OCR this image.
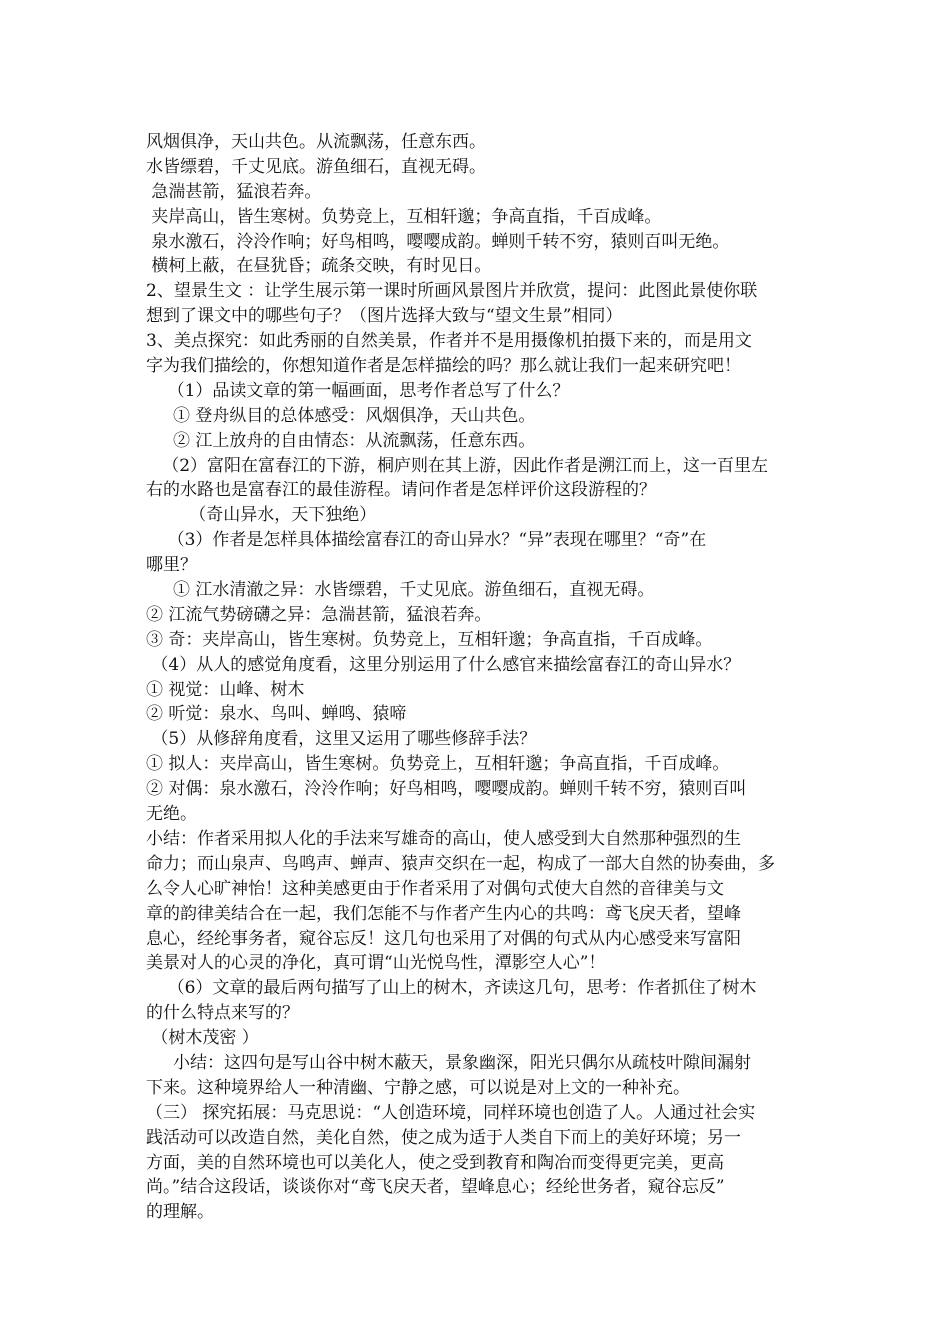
风烟俱净，天山共色。从流飘荡，任意东西。
水皆缥碧，千丈见底。游鱼细石，直视无碍。
急湍甚箭，猛浪若奔。
夹岸高山，皆生寒树。负势竞上，互相轩邈；争高直指，千百成峰。
泉水激石，泠泠作响；好鸟相鸣，嘤嘤成韵。蝉则千转不穷，猿则百叫无绝。
横柯上蔽，在昼犹昏；疏条交映，有时见日。
2、望景生文 ：让学生展示第一课时所画风景图片并欣赏，提问：此图此景使你联
想到了课文中的哪些句子？（图片选择大致与“望文生景”相同）
3、美点探究：如此秀丽的自然美景，作者并不是用摄像机拍摄下来的，而是用文
字为我们描绘的，你想知道作者是怎样描绘的吗？那么就让我们一起来研究吧！
（1）品读文章的第一幅画面，思考作者总写了什么？
① 登舟纵目的总体感受：风烟俱净，天山共色。
② 江上放舟的自由情态：从流飘荡，任意东西。
（2）富阳在富春江的下游，桐庐则在其上游，因此作者是溯江而上，这一百里左
右的水路也是富春江的最佳游程。请问作者是怎样评价这段游程的？
（奇山异水，天下独绝）
（3）作者是怎样具体描绘富春江的奇山异水？“异”表现在哪里？“奇”在
哪里？
① 江水清澈之异：水皆缥碧，千丈见底。游鱼细石，直视无碍。
② 江流气势磅礴之异：急湍甚箭，猛浪若奔。
③ 奇：夹岸高山，皆生寒树。负势竞上，互相轩邈；争高直指，千百成峰。
（4）从人的感觉角度看，这里分别运用了什么感官来描绘富春江的奇山异水？
① 视觉：山峰、树木
② 听觉：泉水、鸟叫、蝉鸣、猿啼
（5）从修辞角度看，这里又运用了哪些修辞手法？
① 拟人：夹岸高山，皆生寒树。负势竞上，互相轩邈；争高直指，千百成峰。
② 对偶：泉水激石，泠泠作响；好鸟相鸣，嘤嘤成韵。蝉则千转不穷，猿则百叫
无绝。
小结：作者采用拟人化的手法来写雄奇的高山，使人感受到大自然那种强烈的生
命力；而山泉声、鸟鸣声、蝉声、猿声交织在一起，构成了一部大自然的协奏曲，多
么令人心旷神怡！这种美感更由于作者采用了对偶句式使大自然的音律美与文
章的韵律美结合在一起，我们怎能不与作者产生内心的共鸣：鸢飞戾天者，望峰
息心，经纶事务者，窥谷忘反！这几句也采用了对偶的句式从内心感受来写富阳
美景对人的心灵的净化，真可谓“山光悦鸟性，潭影空人心”！
（6）文章的最后两句描写了山上的树木，齐读这几句，思考：作者抓住了树木
的什么特点来写的？
（树木茂密 ）
小结：这四句是写山谷中树木蔽天，景象幽深，阳光只偶尔从疏枝叶隙间漏射
下来。这种境界给人一种清幽、宁静之感，可以说是对上文的一种补充。
（三） 探究拓展：马克思说：“人创造环境，同样环境也创造了人。人通过社会实
践活动可以改造自然，美化自然，使之成为适于人类自下而上的美好环境；另一
方面，美的自然环境也可以美化人，使之受到教育和陶冶而变得更完美，更高
尚。”结合这段话，谈谈你对“鸢飞戾天者，望峰息心；经纶世务者，窥谷忘反”
的理解。
